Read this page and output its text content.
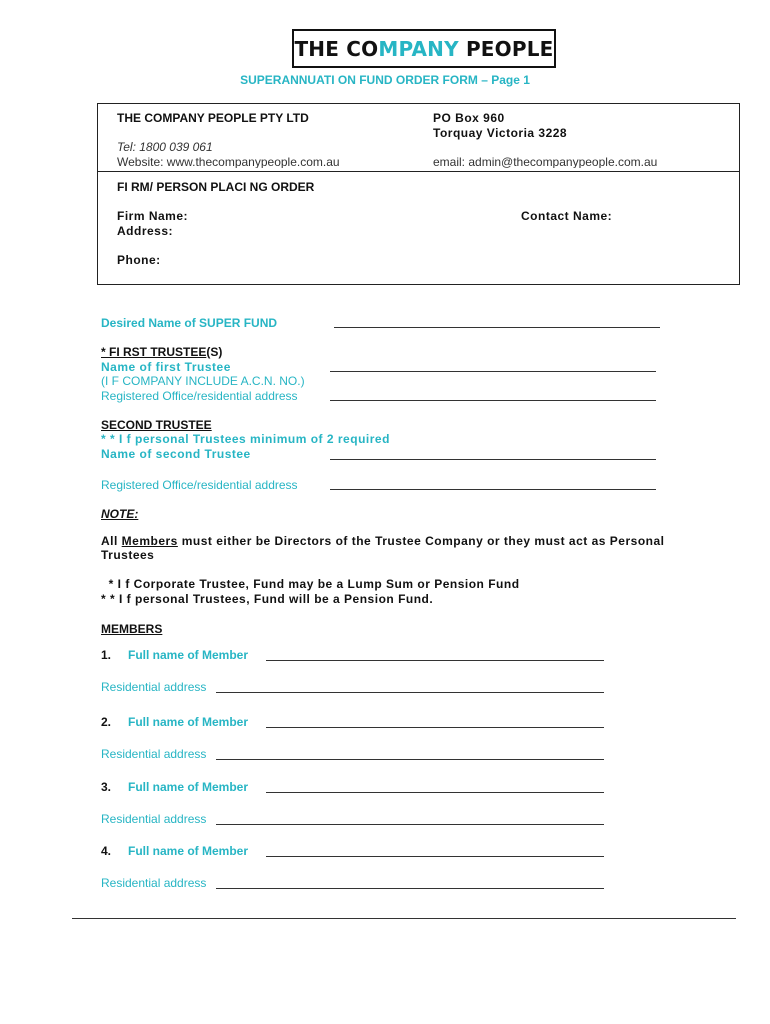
THE CO MPANY PEOPLE
SUPERANNUATI ON FUND ORDER FORM – Page 1
THE COMPANY PEOPLE PTY LTD	PO Box 960
Torquay Victoria 3228
Tel: 1800 039 061
Website: www.thecompanypeople.com.au	email: admin@thecompanypeople.com.au
FI RM/ PERSON PLACI NG ORDER
Firm Name:	Contact Name:
Address:
Phone:
Desired Name of SUPER FUND
* FI RST TRUSTEE(S)
Name of first Trustee
(I F COMPANY INCLUDE A.C.N. NO.)
Registered Office/residential address
SECOND TRUSTEE
* * I f personal Trustees minimum of 2 required
Name of second Trustee
Registered Office/residential address
NOTE:
All Members must either be Directors of the Trustee Company or they must act as Personal
Trustees
* I f Corporate Trustee, Fund may be a Lump Sum or Pension Fund
* * I f personal Trustees, Fund will be a Pension Fund.
MEMBERS
1. Full name of Member
Residential address
2. Full name of Member
Residential address
3. Full name of Member
Residential address
4. Full name of Member
Residential address
